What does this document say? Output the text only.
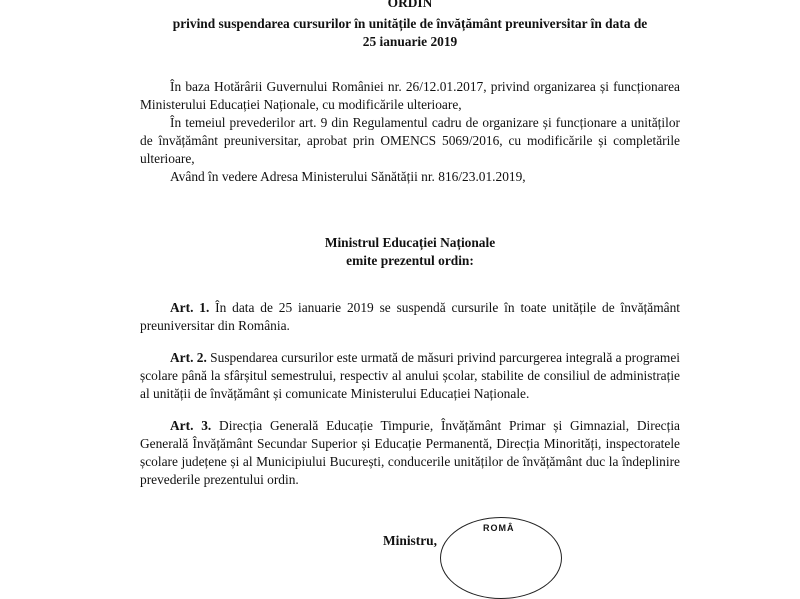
ORDIN

privind suspendarea cursurilor în unitățile de învățământ preuniversitar în data de

25 ianuarie 2019

În baza Hotărârii Guvernului României nr. 26/12.01.2017, privind organizarea și funcționarea Ministerului Educației Naționale, cu modificările ulterioare,

În temeiul prevederilor art. 9 din Regulamentul cadru de organizare și funcționare a unităților de învățământ preuniversitar, aprobat prin OMENCS 5069/2016, cu modificările și completările ulterioare,

Având în vedere Adresa Ministerului Sănătății nr. 816/23.01.2019,

Ministrul Educației Naționale

emite prezentul ordin:

Art. 1. În data de 25 ianuarie 2019 se suspendă cursurile în toate unitățile de învățământ preuniversitar din România.

Art. 2. Suspendarea cursurilor este urmată de măsuri privind parcurgerea integrală a programei școlare până la sfârșitul semestrului, respectiv al anului școlar, stabilite de consiliul de administrație al unității de învățământ și comunicate Ministerului Educației Naționale.

Art. 3. Direcția Generală Educație Timpurie, Învățământ Primar și Gimnazial, Direcția Generală Învățământ Secundar Superior și Educație Permanentă, Direcția Minorități, inspectoratele școlare județene și al Municipiului București, conducerile unităților de învățământ duc la îndeplinire prevederile prezentului ordin.

Ministru,

ROMÂ
